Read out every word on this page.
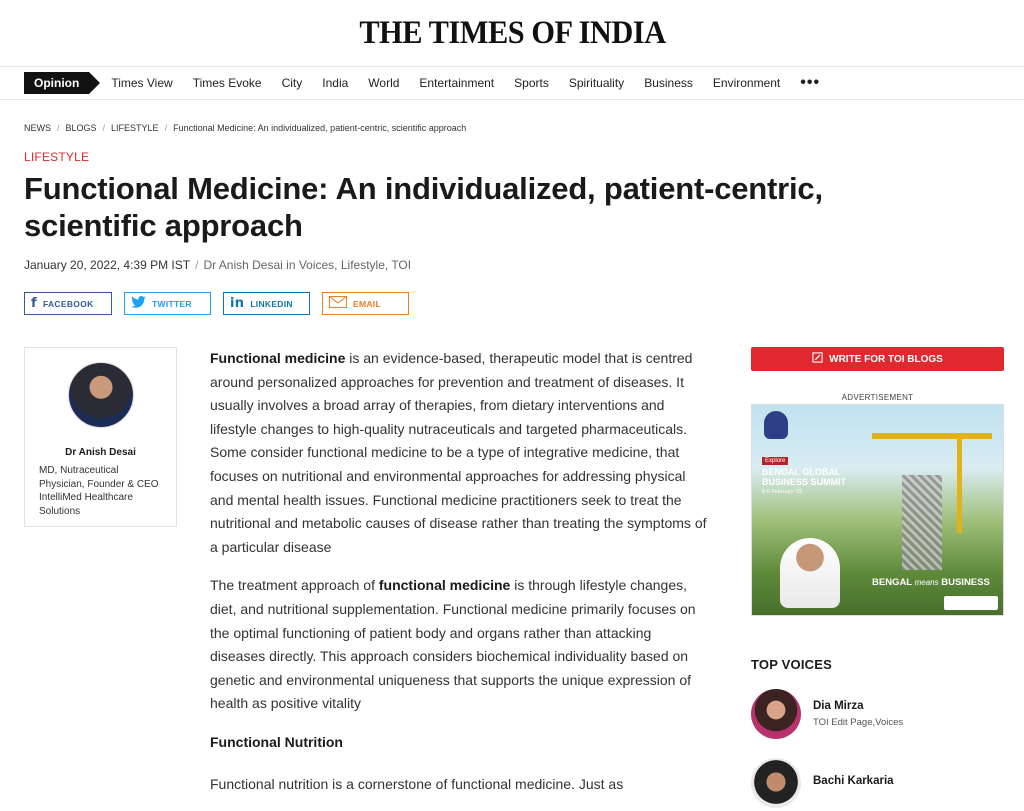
THE TIMES OF INDIA
Opinion	Times View Times Evoke City India World Entertainment Sports Spirituality Business Environment •••
NEWS / BLOGS / LIFESTYLE / Functional Medicine: An individualized, patient-centric, scientific approach
LIFESTYLE
Functional Medicine: An individualized, patient-centric, scientific approach
January 20, 2022, 4:39 PM IST / Dr Anish Desai in Voices, Lifestyle, TOI
f FACEBOOK	TWITTER	in LINKEDIN	EMAIL
Dr Anish Desai
MD, Nutraceutical Physician, Founder & CEO IntelliMed Healthcare Solutions

Functional medicine is an evidence-based, therapeutic model that is centred around personalized approaches for prevention and treatment of diseases. It usually involves a broad array of therapies, from dietary interventions and lifestyle changes to high-quality nutraceuticals and targeted pharmaceuticals. Some consider functional medicine to be a type of integrative medicine, that focuses on nutritional and environmental approaches for addressing physical and mental health issues. Functional medicine practitioners seek to treat the nutritional and metabolic causes of disease rather than treating the symptoms of a particular disease

The treatment approach of functional medicine is through lifestyle changes, diet, and nutritional supplementation. Functional medicine primarily focuses on the optimal functioning of patient body and organs rather than attacking diseases directly. This approach considers biochemical individuality based on genetic and environmental uniqueness that supports the unique expression of health as positive vitality

Functional Nutrition

Functional nutrition is a cornerstone of functional medicine. Just as

WRITE FOR TOI BLOGS
ADVERTISEMENT
Explore
BENGAL GLOBAL BUSINESS SUMMIT
5-6 February '25
BENGAL means BUSINESS
TOP VOICES
Dia Mirza
TOI Edit Page,Voices
Bachi Karkaria
